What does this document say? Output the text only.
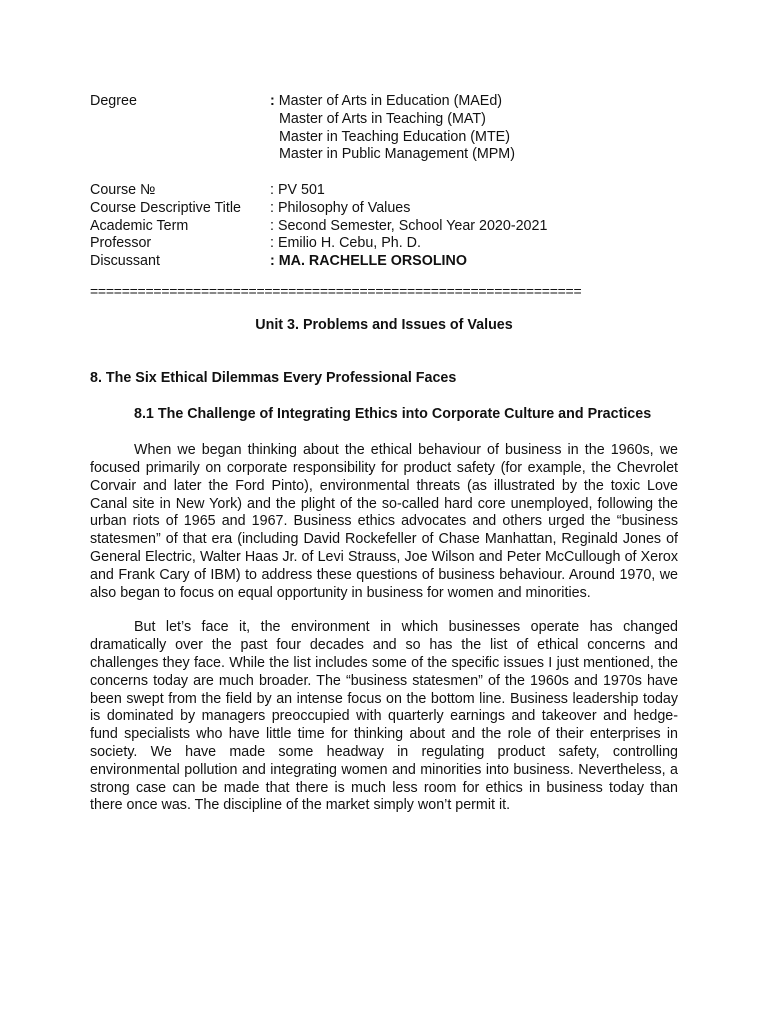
Degree	: Master of Arts in Education (MAEd)
Master of Arts in Teaching (MAT)
Master in Teaching Education (MTE)
Master in Public Management (MPM)
Course №	: PV 501
Course Descriptive Title : Philosophy of Values
Academic Term	: Second Semester, School Year 2020-2021
Professor	: Emilio H. Cebu, Ph. D.
Discussant	: MA. RACHELLE ORSOLINO
==============================================================
Unit 3. Problems and Issues of Values
8. The Six Ethical Dilemmas Every Professional Faces
8.1 The Challenge of Integrating Ethics into Corporate Culture and Practices

When we began thinking about the ethical behaviour of business in the 1960s, we focused primarily on corporate responsibility for product safety (for example, the Chevrolet Corvair and later the Ford Pinto), environmental threats (as illustrated by the toxic Love Canal site in New York) and the plight of the so-called hard core unemployed, following the urban riots of 1965 and 1967. Business ethics advocates and others urged the “business statesmen” of that era (including David Rockefeller of Chase Manhattan, Reginald Jones of General Electric, Walter Haas Jr. of Levi Strauss, Joe Wilson and Peter McCullough of Xerox and Frank Cary of IBM) to address these questions of business behaviour. Around 1970, we also began to focus on equal opportunity in business for women and minorities.

But let’s face it, the environment in which businesses operate has changed dramatically over the past four decades and so has the list of ethical concerns and challenges they face. While the list includes some of the specific issues I just mentioned, the concerns today are much broader. The “business statesmen” of the 1960s and 1970s have been swept from the field by an intense focus on the bottom line. Business leadership today is dominated by managers preoccupied with quarterly earnings and takeover and hedge-fund specialists who have little time for thinking about and the role of their enterprises in society. We have made some headway in regulating product safety, controlling environmental pollution and integrating women and minorities into business. Nevertheless, a strong case can be made that there is much less room for ethics in business today than there once was. The discipline of the market simply won’t permit it.
